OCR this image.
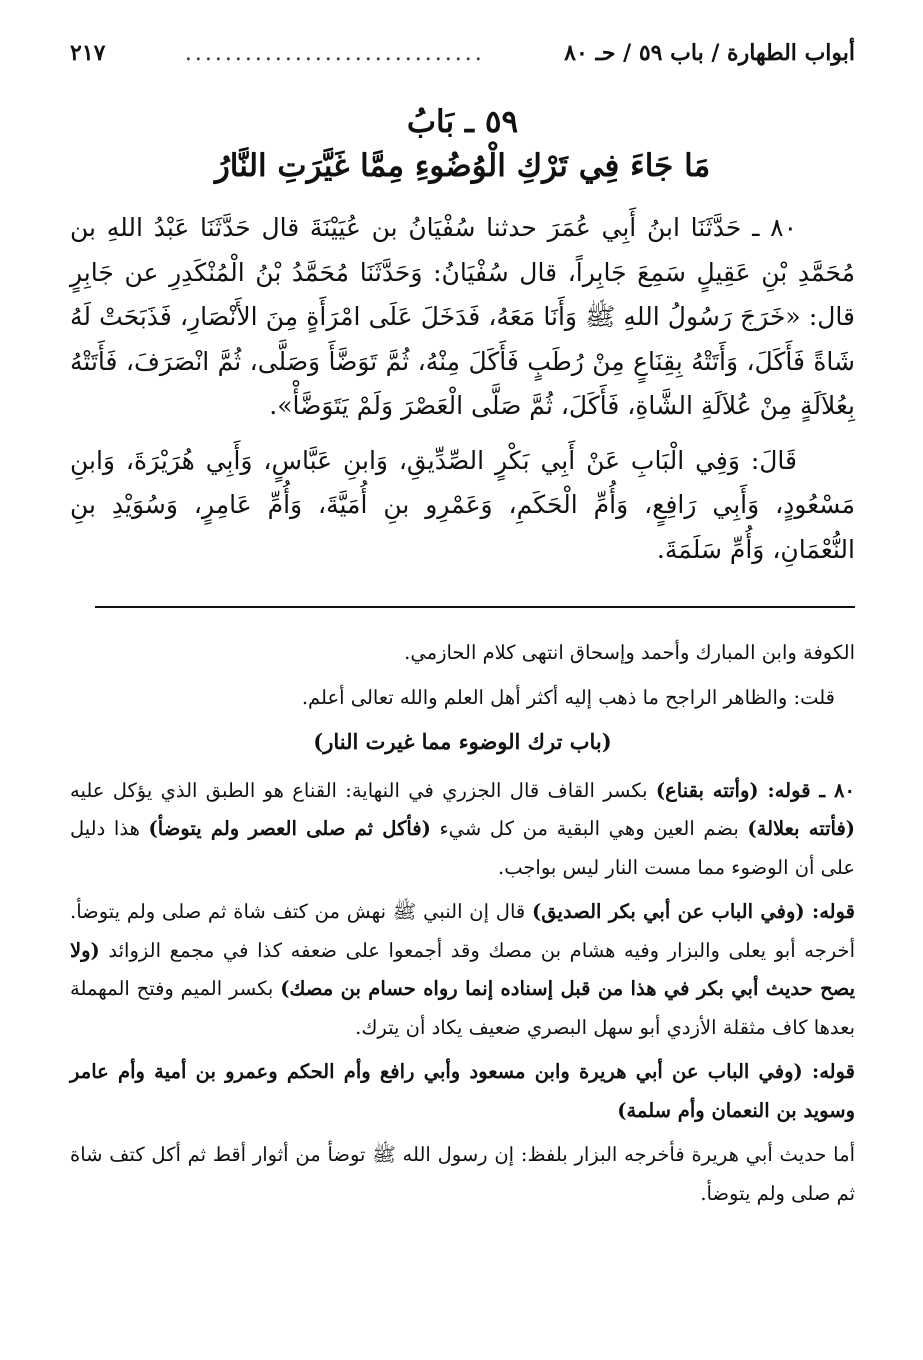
أبواب الطهارة / باب ٥٩ / حـ ٨٠
..............................
٢١٧
٥٩ ـ بَابُ
مَا جَاءَ فِي تَرْكِ الْوُضُوءِ مِمَّا غَيَّرَتِ النَّارُ

٨٠ ـ حَدَّثَنَا ابنُ أَبِي عُمَرَ حدثنا سُفْيَانُ بن عُيَيْنَةَ قال حَدَّثَنَا عَبْدُ اللهِ بن مُحَمَّدِ بْنِ عَقِيلٍ سَمِعَ جَابِراً، قال سُفْيَانُ: وَحَدَّثَنَا مُحَمَّدُ بْنُ الْمُنْكَدِرِ عن جَابِرٍ قال: «خَرَجَ رَسُولُ اللهِ ﷺ وَأَنَا مَعَهُ، فَدَخَلَ عَلَى امْرَأَةٍ مِنَ الأَنْصَارِ، فَذَبَحَتْ لَهُ شَاةً فَأَكَلَ، وَأَتَتْهُ بِقِنَاعٍ مِنْ رُطَبٍ فَأَكَلَ مِنْهُ، ثُمَّ تَوَضَّأَ وَصَلَّى، ثُمَّ انْصَرَفَ، فَأَتَتْهُ بِعُلاَلَةٍ مِنْ عُلاَلَةِ الشَّاةِ، فَأَكَلَ، ثُمَّ صَلَّى الْعَصْرَ وَلَمْ يَتَوَضَّأْ».

قَالَ: وَفِي الْبَابِ عَنْ أَبِي بَكْرٍ الصِّدِّيقِ، وَابنِ عَبَّاسٍ، وَأَبِي هُرَيْرَةَ، وَابنِ مَسْعُودٍ، وَأَبِي رَافِعٍ، وَأُمِّ الْحَكَمِ، وَعَمْرِو بنِ أُمَيَّةَ، وَأُمِّ عَامِرٍ، وَسُوَيْدِ بنِ النُّعْمَانِ، وَأُمِّ سَلَمَةَ.

الكوفة وابن المبارك وأحمد وإسحاق انتهى كلام الحازمي.

قلت: والظاهر الراجح ما ذهب إليه أكثر أهل العلم والله تعالى أعلم.

(باب ترك الوضوء مما غيرت النار)

٨٠ ـ قوله: (وأتته بقناع) بكسر القاف قال الجزري في النهاية: القناع هو الطبق الذي يؤكل عليه (فأتته بعلالة) بضم العين وهي البقية من كل شيء (فأكل ثم صلى العصر ولم يتوضأ) هذا دليل على أن الوضوء مما مست النار ليس بواجب.

قوله: (وفي الباب عن أبي بكر الصديق) قال إن النبي ﷺ نهش من كتف شاة ثم صلى ولم يتوضأ. أخرجه أبو يعلى والبزار وفيه هشام بن مصك وقد أجمعوا على ضعفه كذا في مجمع الزوائد (ولا يصح حديث أبي بكر في هذا من قبل إسناده إنما رواه حسام بن مصك) بكسر الميم وفتح المهملة بعدها كاف مثقلة الأزدي أبو سهل البصري ضعيف يكاد أن يترك.

قوله: (وفي الباب عن أبي هريرة وابن مسعود وأبي رافع وأم الحكم وعمرو بن أمية وأم عامر وسويد بن النعمان وأم سلمة)

أما حديث أبي هريرة فأخرجه البزار بلفظ: إن رسول الله ﷺ توضأ من أثوار أقط ثم أكل كتف شاة ثم صلى ولم يتوضأ.
